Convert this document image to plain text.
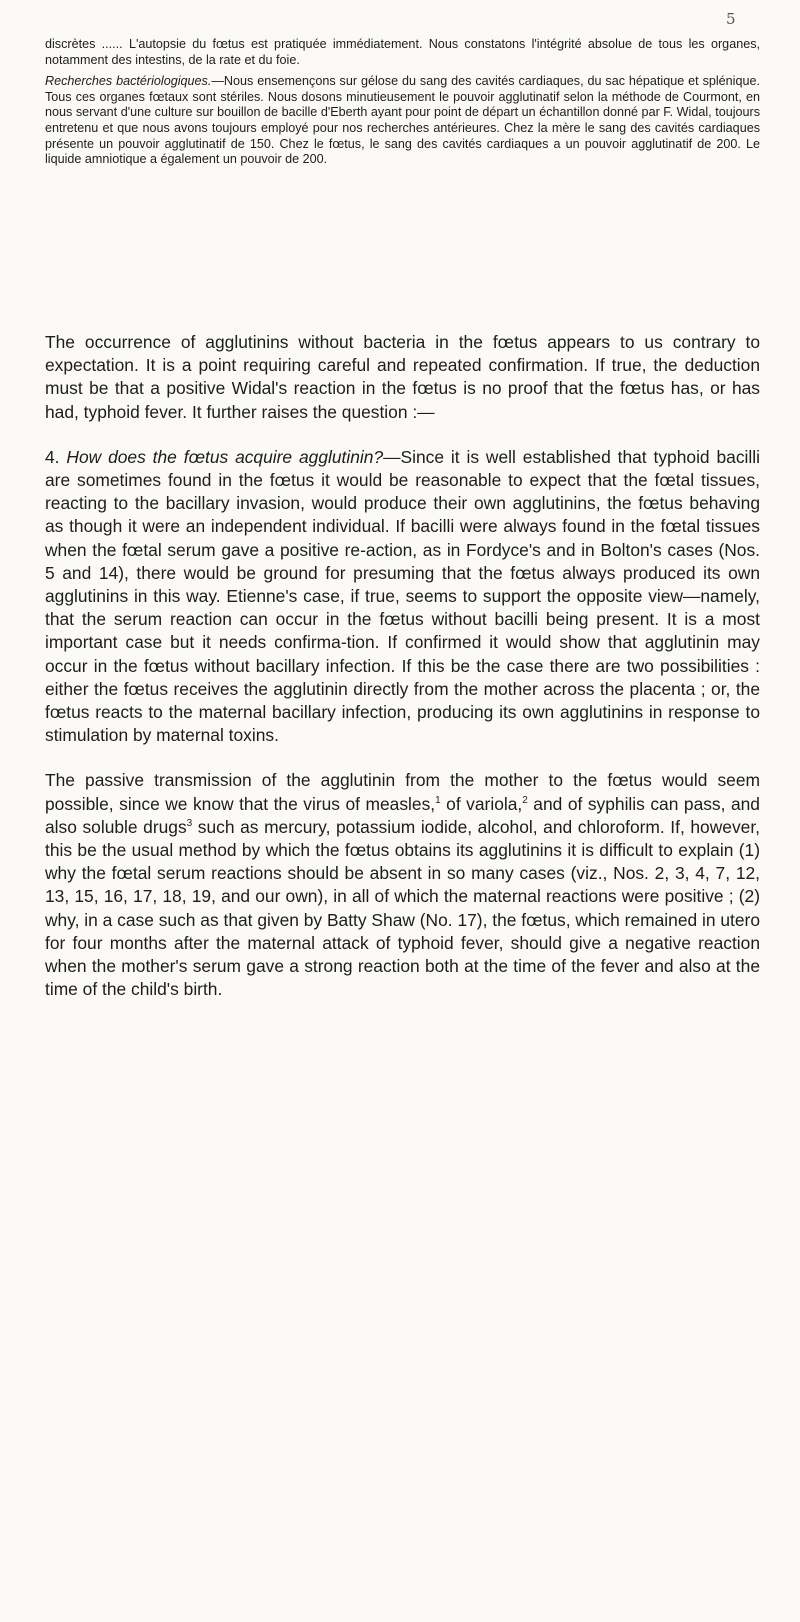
5

discrètes ...... L'autopsie du fœtus est pratiquée immédiatement. Nous constatons l'intégrité absolue de tous les organes, notamment des intestins, de la rate et du foie.

Recherches bactériologiques.—Nous ensemençons sur gélose du sang des cavités cardiaques, du sac hépatique et splénique. Tous ces organes fœtaux sont stériles. Nous dosons minutieusement le pouvoir agglutinatif selon la méthode de Courmont, en nous servant d'une culture sur bouillon de bacille d'Eberth ayant pour point de départ un échantillon donné par F. Widal, toujours entretenu et que nous avons toujours employé pour nos recherches antérieures. Chez la mère le sang des cavités cardiaques présente un pouvoir agglutinatif de 150. Chez le fœtus, le sang des cavités cardiaques a un pouvoir agglutinatif de 200. Le liquide amniotique a également un pouvoir de 200.

The occurrence of agglutinins without bacteria in the fœtus appears to us contrary to expectation. It is a point requiring careful and repeated confirmation. If true, the deduction must be that a positive Widal's reaction in the fœtus is no proof that the fœtus has, or has had, typhoid fever. It further raises the question :—

4. How does the fœtus acquire agglutinin?—Since it is well established that typhoid bacilli are sometimes found in the fœtus it would be reasonable to expect that the fœtal tissues, reacting to the bacillary invasion, would produce their own agglutinins, the fœtus behaving as though it were an independent individual. If bacilli were always found in the fœtal tissues when the fœtal serum gave a positive re-action, as in Fordyce's and in Bolton's cases (Nos. 5 and 14), there would be ground for presuming that the fœtus always produced its own agglutinins in this way. Etienne's case, if true, seems to support the opposite view—namely, that the serum reaction can occur in the fœtus without bacilli being present. It is a most important case but it needs confirma-tion. If confirmed it would show that agglutinin may occur in the fœtus without bacillary infection. If this be the case there are two possibilities : either the fœtus receives the agglutinin directly from the mother across the placenta ; or, the fœtus reacts to the maternal bacillary infection, producing its own agglutinins in response to stimulation by maternal toxins.

The passive transmission of the agglutinin from the mother to the fœtus would seem possible, since we know that the virus of measles,$^1$ of variola,$^2$ and of syphilis can pass, and also soluble drugs$^3$ such as mercury, potassium iodide, alcohol, and chloroform. If, however, this be the usual method by which the fœtus obtains its agglutinins it is difficult to explain (1) why the fœtal serum reactions should be absent in so many cases (viz., Nos. 2, 3, 4, 7, 12, 13, 15, 16, 17, 18, 19, and our own), in all of which the maternal reactions were positive ; (2) why, in a case such as that given by Batty Shaw (No. 17), the fœtus, which remained in utero for four months after the maternal attack of typhoid fever, should give a negative reaction when the mother's serum gave a strong reaction both at the time of the fever and also at the time of the child's birth.
